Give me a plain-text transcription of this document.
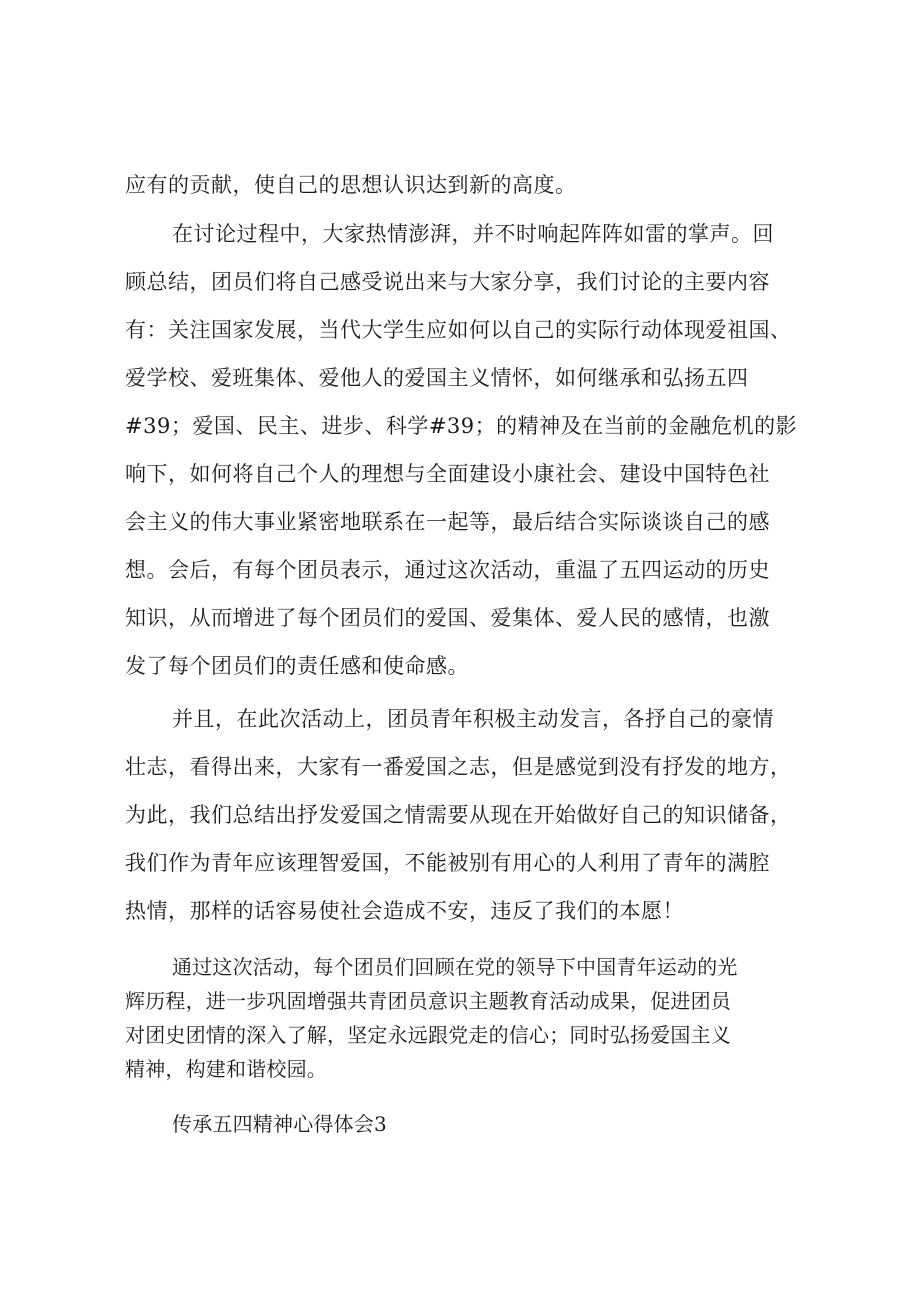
应有的贡献，使自己的思想认识达到新的高度。
在讨论过程中，大家热情澎湃，并不时响起阵阵如雷的掌声。回
顾总结，团员们将自己感受说出来与大家分享，我们讨论的主要内容
有：关注国家发展，当代大学生应如何以自己的实际行动体现爱祖国、
爱学校、爱班集体、爱他人的爱国主义情怀，如何继承和弘扬五四
#39；爱国、民主、进步、科学#39；的精神及在当前的金融危机的影
响下，如何将自己个人的理想与全面建设小康社会、建设中国特色社
会主义的伟大事业紧密地联系在一起等，最后结合实际谈谈自己的感
想。会后，有每个团员表示，通过这次活动，重温了五四运动的历史
知识，从而增进了每个团员们的爱国、爱集体、爱人民的感情，也激
发了每个团员们的责任感和使命感。
并且，在此次活动上，团员青年积极主动发言，各抒自己的豪情
壮志，看得出来，大家有一番爱国之志，但是感觉到没有抒发的地方，
为此，我们总结出抒发爱国之情需要从现在开始做好自己的知识储备，
我们作为青年应该理智爱国，不能被别有用心的人利用了青年的满腔
热情，那样的话容易使社会造成不安，违反了我们的本愿！
通过这次活动，每个团员们回顾在党的领导下中国青年运动的光
辉历程，进一步巩固增强共青团员意识主题教育活动成果，促进团员
对团史团情的深入了解，坚定永远跟党走的信心；同时弘扬爱国主义
精神，构建和谐校园。
传承五四精神心得体会3
